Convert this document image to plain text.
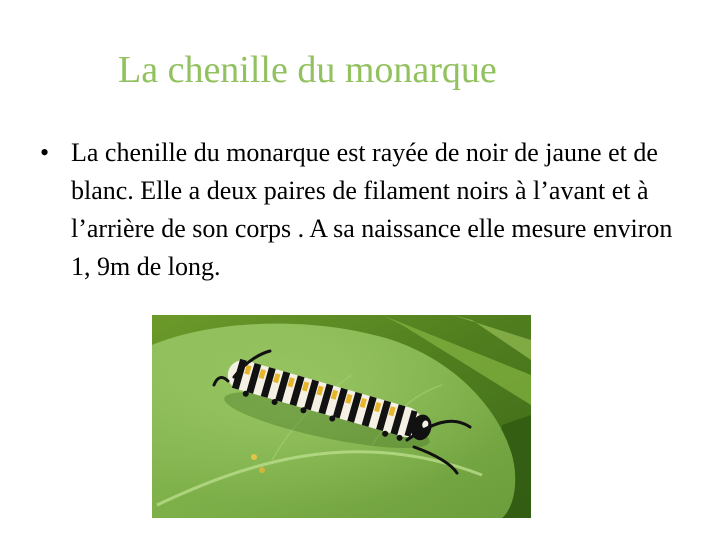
La chenille du monarque
• La chenille du monarque est rayée de noir de jaune et de blanc. Elle a deux paires de filament noirs à l’avant et à l’arrière de son corps . A sa naissance elle mesure environ 1, 9m de long.
